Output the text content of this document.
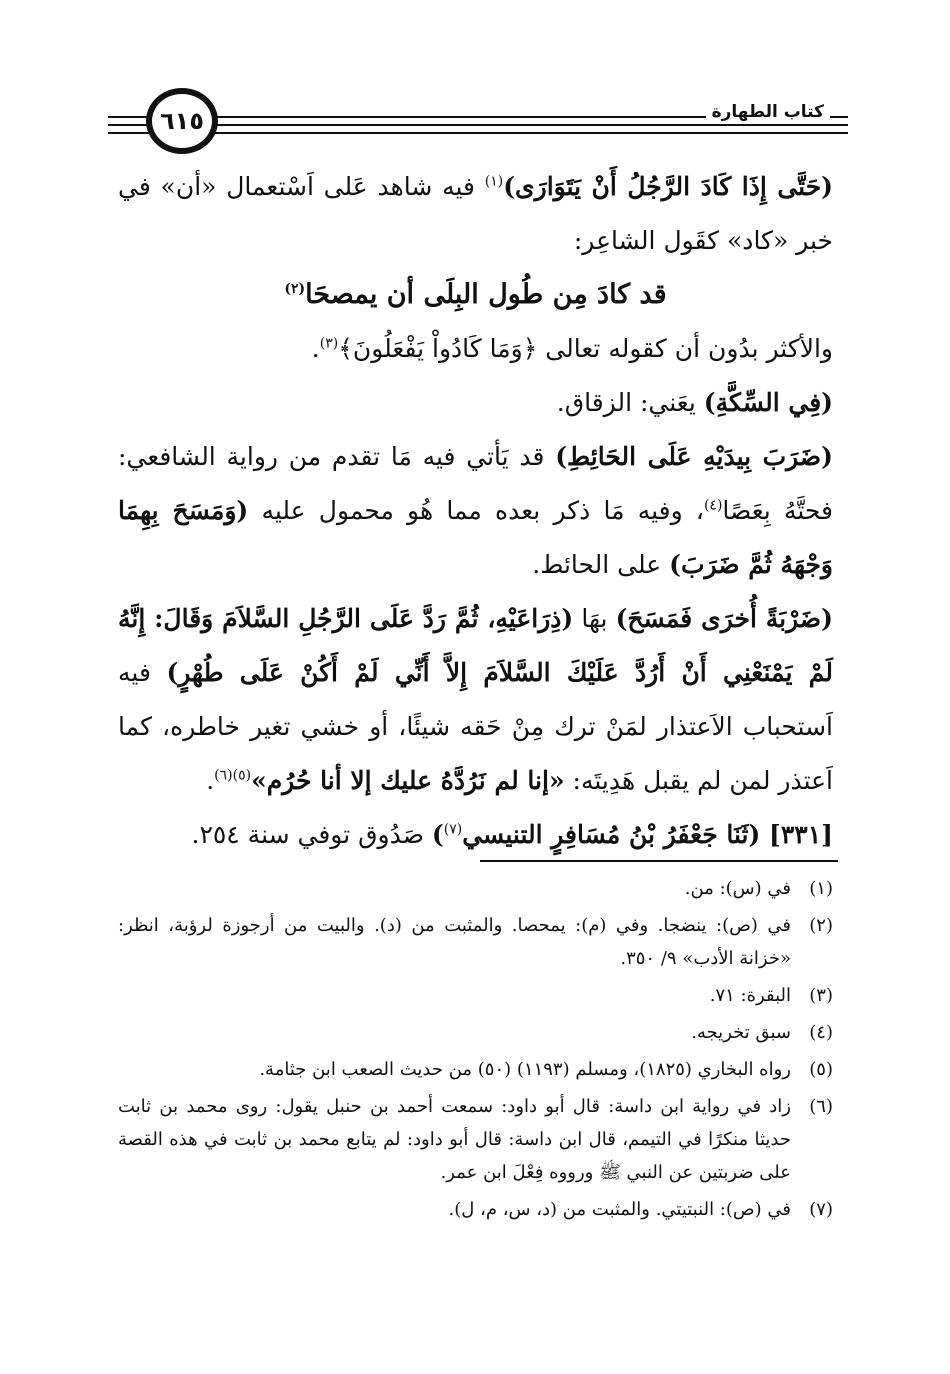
كتاب الطهارة
٦١٥

(حَتَّى إِذَا كَادَ الرَّجُلُ أَنْ يَتَوَارَى)$^{(١)}$ فيه شاهد عَلى اَسْتعمال «أن» في خبر «كاد» كقَول الشاعِر:

قد كادَ مِن طُول البِلَى أن يمصحَا$^{(٢)}$

والأكثر بدُون أن كقوله تعالى ﴿وَمَا كَادُواْ يَفْعَلُونَ﴾$^{(٣)}$.

(فِي السِّكَّةِ) يعَني: الزقاق.

(ضَرَبَ بِيدَيْهِ عَلَى الحَائِطِ) قد يَأتي فيه مَا تقدم من رواية الشافعي: فحتَّهُ بِعَصًا$^{(٤)}$، وفيه مَا ذكر بعده مما هُو محمول عليه (وَمَسَحَ بِهِمَا وَجْهَهُ ثُمَّ ضَرَبَ) على الحائط.

(ضَرْبَةً أُخرَى فَمَسَحَ) بهَا (ذِرَاعَيْهِ، ثُمَّ رَدَّ عَلَى الرَّجُلِ السَّلاَمَ وَقَالَ: إِنَّهُ لَمْ يَمْنَعْنِي أَنْ أَرُدَّ عَلَيْكَ السَّلاَمَ إِلاَّ أَنِّي لَمْ أَكُنْ عَلَى طُهْرٍ) فيه اَستحباب الاَعتذار لمَنْ ترك مِنْ حَقه شيئًا، أو خشي تغير خاطره، كما اَعتذر لمن لم يقبل هَدِيتَه: «إنا لم نَرُدَّهُ عليك إلا أنا حُرُم»$^{(٥)(٦)}$.

[٣٣١] (ثَنَا جَعْفَرُ بْنُ مُسَافِرٍ التنيسي$^{(٧)}$) صَدُوق توفي سنة ٢٥٤.

(١)
في (س): من.
(٢)
في (ص): ينضجا. وفي (م): يمحصا. والمثبت من (د). والبيت من أرجوزة لرؤبة، انظر: «خزانة الأدب» ٩/ ٣٥٠.
(٣)
البقرة: ٧١.
(٤)
سبق تخريجه.
(٥)
رواه البخاري (١٨٢٥)، ومسلم (١١٩٣) (٥٠) من حديث الصعب ابن جثامة.
(٦)
زاد في رواية ابن داسة: قال أبو داود: سمعت أحمد بن حنبل يقول: روى محمد بن ثابت حديثا منكرًا في التيمم، قال ابن داسة: قال أبو داود: لم يتابع محمد بن ثابت في هذه القصة على ضربتين عن النبي ﷺ ورووه فِعْلَ ابن عمر.
(٧)
في (ص): النبتيتي. والمثبت من (د، س، م، ل).
